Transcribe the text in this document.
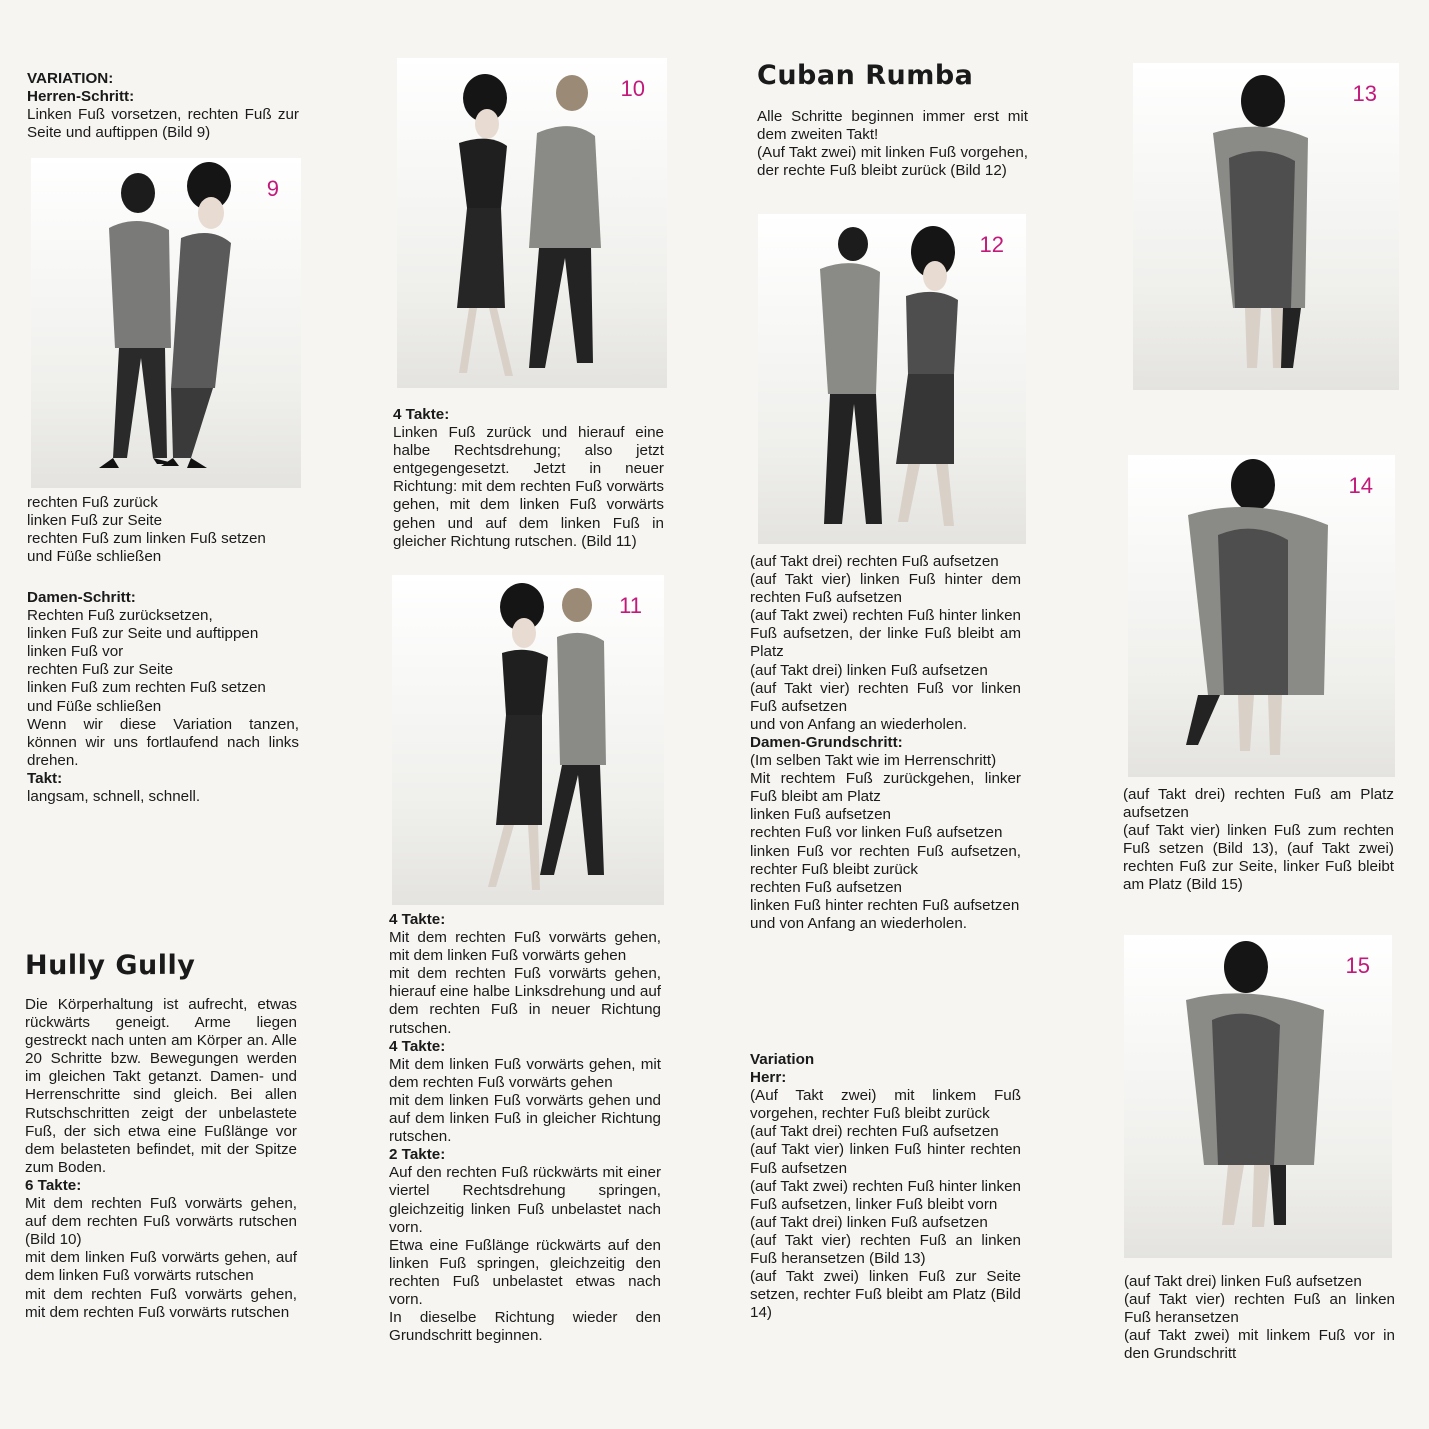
VARIATION:

Herren-Schritt:

Linken Fuß vorsetzen, rechten Fuß zur Seite und auftippen (Bild 9)

9

rechten Fuß zurück

linken Fuß zur Seite

rechten Fuß zum linken Fuß setzen

und Füße schließen

Damen-Schritt:

Rechten Fuß zurücksetzen,

linken Fuß zur Seite und auftippen

linken Fuß vor

rechten Fuß zur Seite

linken Fuß zum rechten Fuß setzen

und Füße schließen

Wenn wir diese Variation tanzen, können wir uns fortlaufend nach links drehen.

Takt:

langsam, schnell, schnell.

Hully Gully

Die Körperhaltung ist aufrecht, etwas rückwärts geneigt. Arme liegen gestreckt nach unten am Körper an. Alle 20 Schritte bzw. Bewegungen werden im gleichen Takt getanzt. Damen- und Herrenschritte sind gleich. Bei allen Rutschschritten zeigt der unbelastete Fuß, der sich etwa eine Fußlänge vor dem belasteten befindet, mit der Spitze zum Boden.

6 Takte:

Mit dem rechten Fuß vorwärts gehen, auf dem rechten Fuß vorwärts rutschen (Bild 10)

mit dem linken Fuß vorwärts gehen, auf dem linken Fuß vorwärts rutschen

mit dem rechten Fuß vorwärts gehen, mit dem rechten Fuß vorwärts rutschen

10

4 Takte:

Linken Fuß zurück und hierauf eine halbe Rechtsdrehung; also jetzt entgegengesetzt. Jetzt in neuer Richtung: mit dem rechten Fuß vorwärts gehen, mit dem linken Fuß vorwärts gehen und auf dem linken Fuß in gleicher Richtung rutschen. (Bild 11)

11

4 Takte:

Mit dem rechten Fuß vorwärts gehen, mit dem linken Fuß vorwärts gehen

mit dem rechten Fuß vorwärts gehen, hierauf eine halbe Linksdrehung und auf dem rechten Fuß in neuer Richtung rutschen.

4 Takte:

Mit dem linken Fuß vorwärts gehen, mit dem rechten Fuß vorwärts gehen

mit dem linken Fuß vorwärts gehen und auf dem linken Fuß in gleicher Richtung rutschen.

2 Takte:

Auf den rechten Fuß rückwärts mit einer viertel Rechtsdrehung springen, gleichzeitig linken Fuß unbelastet nach vorn.

Etwa eine Fußlänge rückwärts auf den linken Fuß springen, gleichzeitig den rechten Fuß unbelastet etwas nach vorn.

In dieselbe Richtung wieder den Grundschritt beginnen.

Cuban Rumba

Alle Schritte beginnen immer erst mit dem zweiten Takt!

(Auf Takt zwei) mit linken Fuß vorgehen, der rechte Fuß bleibt zurück (Bild 12)

12

(auf Takt drei) rechten Fuß aufsetzen

(auf Takt vier) linken Fuß hinter dem rechten Fuß aufsetzen

(auf Takt zwei) rechten Fuß hinter linken Fuß aufsetzen, der linke Fuß bleibt am Platz

(auf Takt drei) linken Fuß aufsetzen

(auf Takt vier) rechten Fuß vor linken Fuß aufsetzen

und von Anfang an wiederholen.

Damen-Grundschritt:

(Im selben Takt wie im Herrenschritt)

Mit rechtem Fuß zurückgehen, linker Fuß bleibt am Platz

linken Fuß aufsetzen

rechten Fuß vor linken Fuß aufsetzen

linken Fuß vor rechten Fuß aufsetzen, rechter Fuß bleibt zurück

rechten Fuß aufsetzen

linken Fuß hinter rechten Fuß aufsetzen

und von Anfang an wiederholen.

Variation

Herr:

(Auf Takt zwei) mit linkem Fuß vorgehen, rechter Fuß bleibt zurück

(auf Takt drei) rechten Fuß aufsetzen

(auf Takt vier) linken Fuß hinter rechten Fuß aufsetzen

(auf Takt zwei) rechten Fuß hinter linken Fuß aufsetzen, linker Fuß bleibt vorn

(auf Takt drei) linken Fuß aufsetzen

(auf Takt vier) rechten Fuß an linken Fuß heransetzen (Bild 13)

(auf Takt zwei) linken Fuß zur Seite setzen, rechter Fuß bleibt am Platz (Bild 14)

13
14

(auf Takt drei) rechten Fuß am Platz aufsetzen

(auf Takt vier) linken Fuß zum rechten Fuß setzen (Bild 13), (auf Takt zwei) rechten Fuß zur Seite, linker Fuß bleibt am Platz (Bild 15)

15

(auf Takt drei) linken Fuß aufsetzen

(auf Takt vier) rechten Fuß an linken Fuß heransetzen

(auf Takt zwei) mit linkem Fuß vor in den Grundschritt
